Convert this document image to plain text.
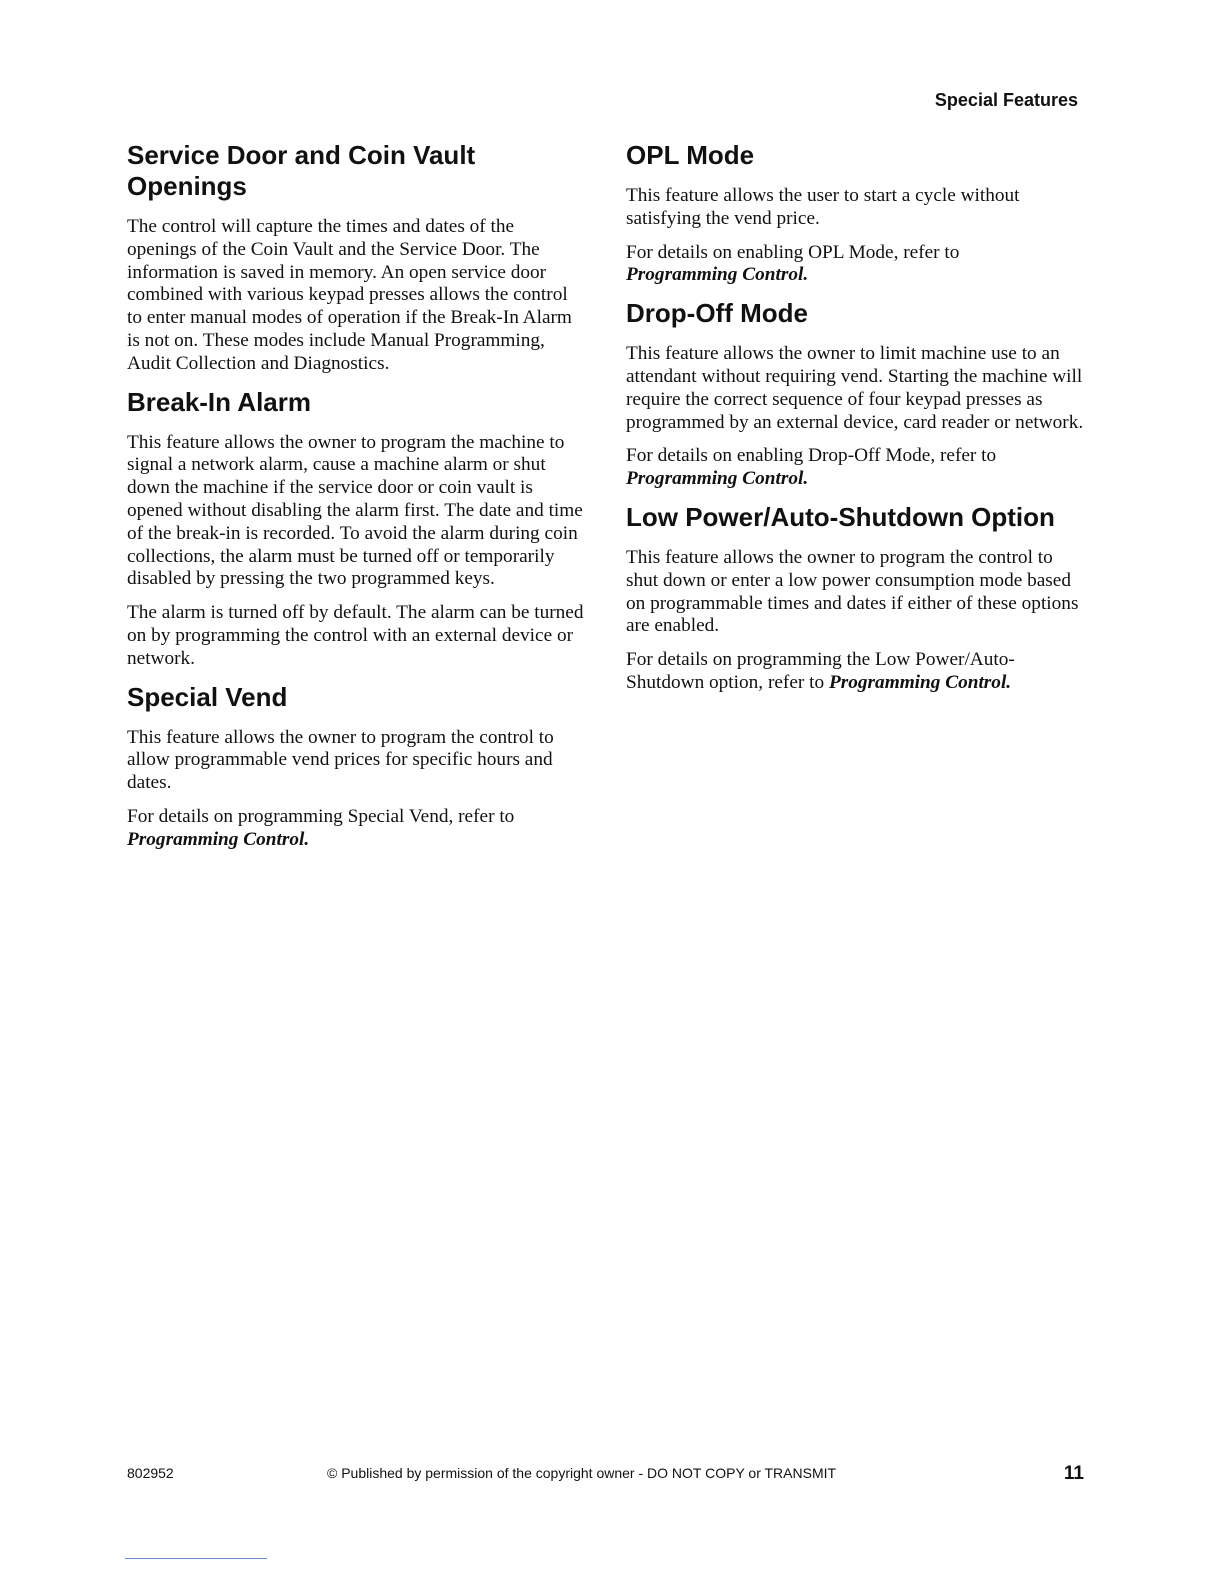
Special Features
Service Door and Coin Vault Openings

The control will capture the times and dates of the openings of the Coin Vault and the Service Door. The information is saved in memory. An open service door combined with various keypad presses allows the control to enter manual modes of operation if the Break-In Alarm is not on. These modes include Manual Programming, Audit Collection and Diagnostics.

Break-In Alarm

This feature allows the owner to program the machine to signal a network alarm, cause a machine alarm or shut down the machine if the service door or coin vault is opened without disabling the alarm first. The date and time of the break-in is recorded. To avoid the alarm during coin collections, the alarm must be turned off or temporarily disabled by pressing the two programmed keys.

The alarm is turned off by default. The alarm can be turned on by programming the control with an external device or network.

Special Vend

This feature allows the owner to program the control to allow programmable vend prices for specific hours and dates.

For details on programming Special Vend, refer to
Programming Control.

OPL Mode

This feature allows the user to start a cycle without satisfying the vend price.

For details on enabling OPL Mode, refer to
Programming Control.

Drop-Off Mode

This feature allows the owner to limit machine use to an attendant without requiring vend. Starting the machine will require the correct sequence of four keypad presses as programmed by an external device, card reader or network.

For details on enabling Drop-Off Mode, refer to
Programming Control.

Low Power/Auto-Shutdown Option

This feature allows the owner to program the control to shut down or enter a low power consumption mode based on programmable times and dates if either of these options are enabled.

For details on programming the Low Power/Auto-Shutdown option, refer to Programming Control.

802952	© Published by permission of the copyright owner - DO NOT COPY or TRANSMIT	11
